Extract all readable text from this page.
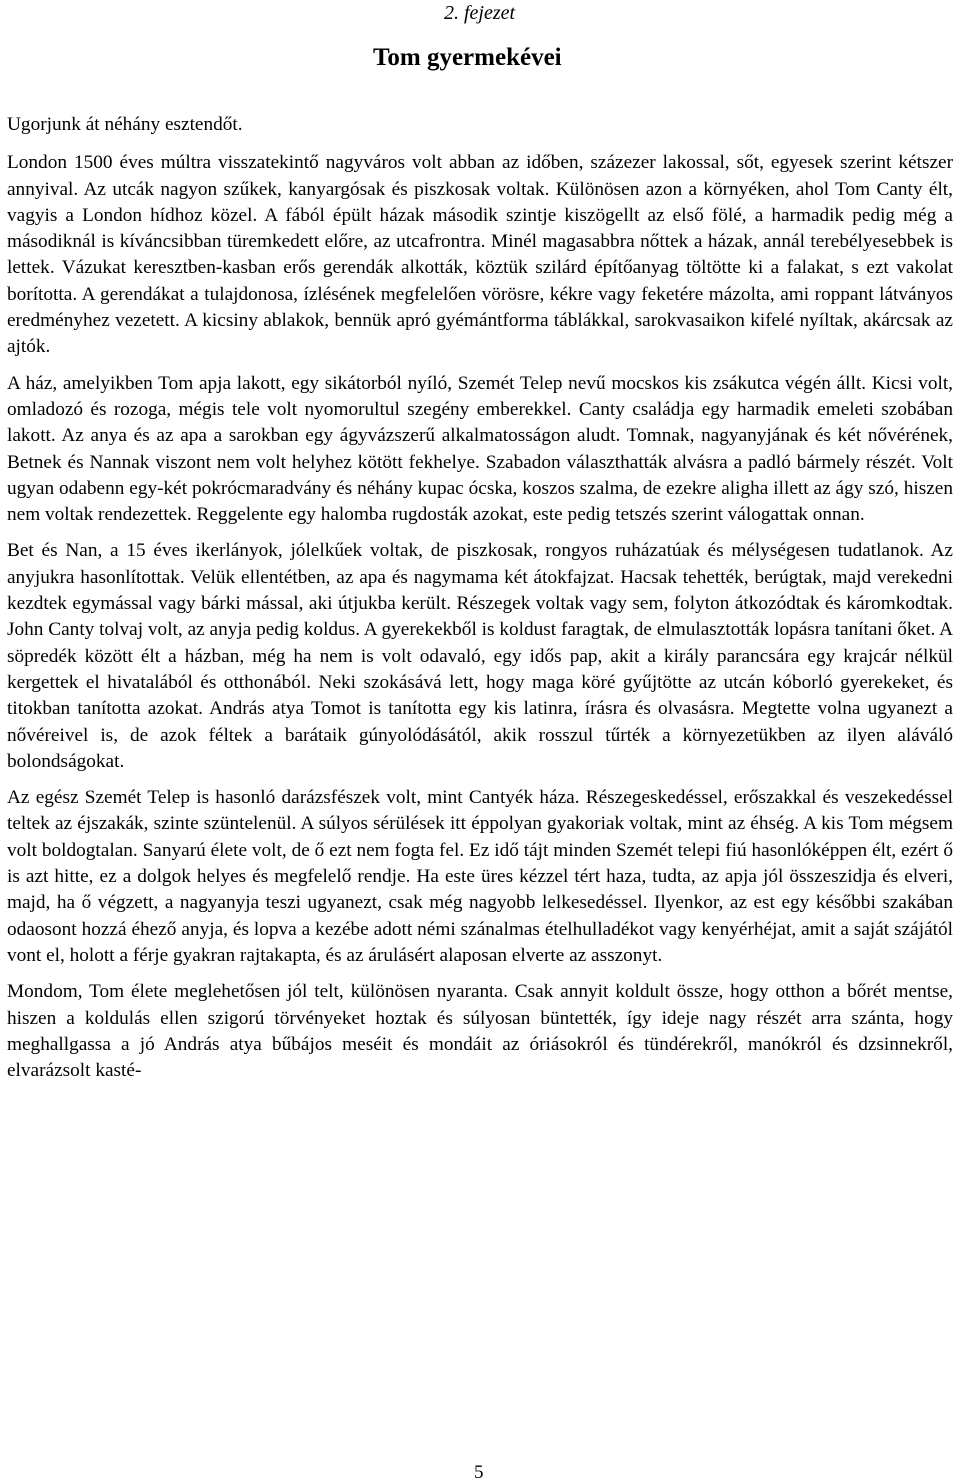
2. fejezet
Tom gyermekévei

Ugorjunk át néhány esztendőt.

London 1500 éves múltra visszatekintő nagyváros volt abban az időben, százezer lakossal, sőt, egyesek szerint kétszer annyival. Az utcák nagyon szűkek, kanyargósak és piszkosak voltak. Különösen azon a környéken, ahol Tom Canty élt, vagyis a London hídhoz közel. A fából épült házak második szintje kiszögellt az első fölé, a harmadik pedig még a másodiknál is kíváncsibban türemkedett előre, az utcafrontra. Minél magasabbra nőttek a házak, annál terebélyesebbek is lettek. Vázukat keresztben-kasban erős gerendák alkották, köztük szilárd építőanyag töltötte ki a falakat, s ezt vakolat borította. A gerendákat a tulajdonosa, ízlésének megfelelően vörösre, kékre vagy feketére mázolta, ami roppant látványos eredményhez vezetett. A kicsiny ablakok, bennük apró gyémántforma táblákkal, sarokvasaikon kifelé nyíltak, akárcsak az ajtók.

A ház, amelyikben Tom apja lakott, egy sikátorból nyíló, Szemét Telep nevű mocskos kis zsákutca végén állt. Kicsi volt, omladozó és rozoga, mégis tele volt nyomorultul szegény emberekkel. Canty családja egy harmadik emeleti szobában lakott. Az anya és az apa a sarokban egy ágyvázszerű alkalmatosságon aludt. Tomnak, nagyanyjának és két nővérének, Betnek és Nannak viszont nem volt helyhez kötött fekhelye. Szabadon választhatták alvásra a padló bármely részét. Volt ugyan odabenn egy-két pokrócmaradvány és néhány kupac ócska, koszos szalma, de ezekre aligha illett az ágy szó, hiszen nem voltak rendezettek. Reggelente egy halomba rugdosták azokat, este pedig tetszés szerint válogattak onnan.

Bet és Nan, a 15 éves ikerlányok, jólelkűek voltak, de piszkosak, rongyos ruházatúak és mélységesen tudatlanok. Az anyjukra hasonlítottak. Velük ellentétben, az apa és nagymama két átokfajzat. Hacsak tehették, berúgtak, majd verekedni kezdtek egymással vagy bárki mással, aki útjukba került. Részegek voltak vagy sem, folyton átkozódtak és káromkodtak. John Canty tolvaj volt, az anyja pedig koldus. A gyerekekből is koldust faragtak, de elmulasztották lopásra tanítani őket. A söpredék között élt a házban, még ha nem is volt odavaló, egy idős pap, akit a király parancsára egy krajcár nélkül kergettek el hivatalából és otthonából. Neki szokásává lett, hogy maga köré gyűjtötte az utcán kóborló gyerekeket, és titokban tanította azokat. András atya Tomot is tanította egy kis latinra, írásra és olvasásra. Megtette volna ugyanezt a nővéreivel is, de azok féltek a barátaik gúnyolódásától, akik rosszul tűrték a környezetükben az ilyen aláváló bolondságokat.

Az egész Szemét Telep is hasonló darázsfészek volt, mint Cantyék háza. Részegeskedéssel, erőszakkal és veszekedéssel teltek az éjszakák, szinte szüntelenül. A súlyos sérülések itt éppolyan gyakoriak voltak, mint az éhség. A kis Tom mégsem volt boldogtalan. Sanyarú élete volt, de ő ezt nem fogta fel. Ez idő tájt minden Szemét telepi fiú hasonlóképpen élt, ezért ő is azt hitte, ez a dolgok helyes és megfelelő rendje. Ha este üres kézzel tért haza, tudta, az apja jól összeszidja és elveri, majd, ha ő végzett, a nagyanyja teszi ugyanezt, csak még nagyobb lelkesedéssel. Ilyenkor, az est egy későbbi szakában odaosont hozzá éhező anyja, és lopva a kezébe adott némi szánalmas ételhulladékot vagy kenyérhéjat, amit a saját szájától vont el, holott a férje gyakran rajtakapta, és az árulásért alaposan elverte az asszonyt.

Mondom, Tom élete meglehetősen jól telt, különösen nyaranta. Csak annyit koldult össze, hogy otthon a bőrét mentse, hiszen a koldulás ellen szigorú törvényeket hoztak és súlyosan büntették, így ideje nagy részét arra szánta, hogy meghallgassa a jó András atya bűbájos meséit és mondáit az óriásokról és tündérekről, manókról és dzsinnekről, elvarázsolt kasté-

5
